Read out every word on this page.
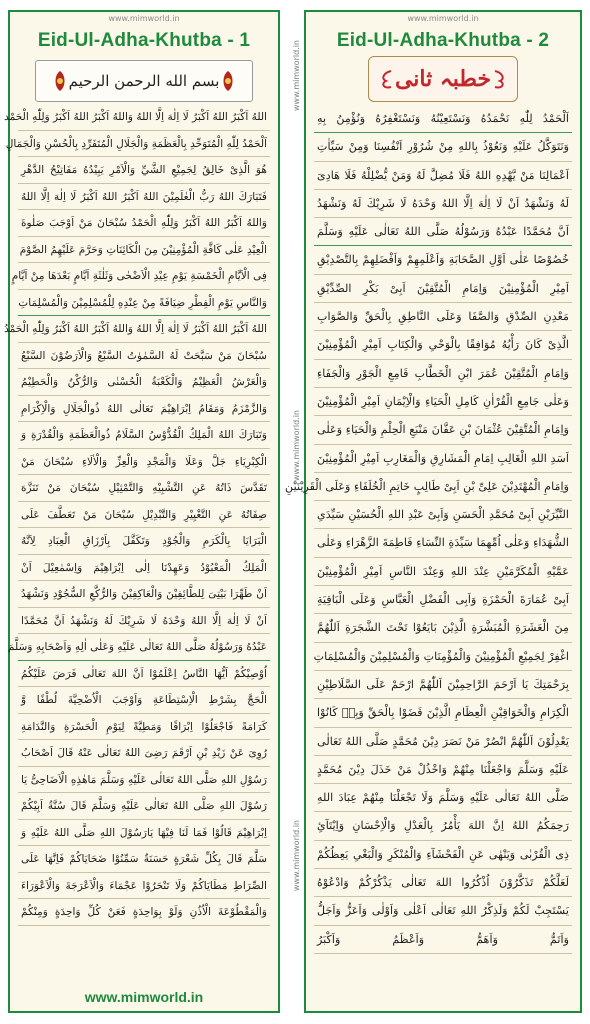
www.mimworld.in
www.mimworld.in
www.mimworld.in
www.mimworld.in
Eid-Ul-Adha-Khutba - 1
بسم الله الرحمن الرحيم
اللهُ اَكْبَرُ اللهُ اَكْبَرُ لَا اِلٰهَ اِلَّا اللهُ وَاللهُ اَكْبَرُ اللهُ اَكْبَرُ وَلِلّٰهِ الْحَمْد
اَلْحَمْدُ لِلّٰهِ الْمُتَوَحِّدِ بِالْعَظَمَةِ وَالْجَلَالِ الْمُتَفَرِّدِ بِالْحُسْنِ وَالْجَمَالِ
هُوَ الَّذِىْ خَالِقُ لِجَمِيْعِ الشَّيِّ وَالْاَمْرِ يَبِيْدُهُ مَفَاتِيْحُ الدَّهْرِ
فَتَبَارَكَ اللهُ رَبُّ الْعٰلَمِيْنَ اللهُ اَكْبَرُ اللهُ اَكْبَرُ لَا اِلٰهَ اِلَّا اللهُ
وَاللهُ اَكْبَرُ اللهُ اَكْبَرُ وَلِلّٰهِ الْحَمْدُ سُبْحَانَ مَنْ اَوْجَبَ صَلٰوةَ
الْعِيْدِ عَلٰى كَافَّةِ الْمُؤْمِنِيْنَ مِنَ الْكَائِنَاتِ وَحَرَّمَ عَلَيْهِمُ الصَّوْمَ
فِى الْاَيَّامِ الْخَمْسَةِ يَوْمِ عِيْدِ الْاَضْحٰى وَثَلٰثَةِ اَيَّامٍ بَعْدَهَا مِنْ اَيَّامٍ
وَالنَّاسِ يَوْمِ الْفِطْرِ ضِيَافَةً مِنْ عِنْدِهِ لِلْمُسْلِمِيْنَ وَالْمُسْلِمَاتِ
اللهُ اَكْبَرُ اللهُ اَكْبَرُ لَا اِلٰهَ اِلَّا اللهُ وَاللهُ اَكْبَرُ اللهُ اَكْبَرُ وَلِلّٰهِ الْحَمْدُ
سُبْحَانَ مَنْ سَبَّحَتْ لَهُ السَّمٰوٰتُ السَّبْعُ وَالْاَرَضُوْنَ السَّبْعُ
وَالْعَرْشُ الْعَظِيْمُ وَالْكَعْبَةُ الْحُسْنٰى وَالرُّكْنُ وَالْحَطِيْمُ
وَالزَّمْزَمُ وَمَقَامُ اِبْرَاهِيْمَ تَعَالٰى اللهُ ذُوالْجَلَالِ وَالْاِكْرَامِ
وَتَبَارَكَ اللهُ الْمَلِكُ الْقُدُّوْسُ السَّلَامُ ذُوالْعَظَمَةِ وَالْقُدْرَةِ وَ
الْكِبْرِيَاءِ جَلَّ وَعَلَا وَالْمَجْدِ وَالْعِزِّ وَالْاٰلَاءِ سُبْحَانَ مَنْ
تَقَدَّسَ ذَاتُهُ عَنِ التَّشْبِيْهِ وَالتَّمْثِيْلِ سُبْحَانَ مَنْ تَنَزَّهَ
صِفَاتُهُ عَنِ التَّغْيِيْرِ وَالتَّبْدِيْلِ سُبْحَانَ مَنْ تَعَطَّفَ عَلَى
الْبَرَايَا بِالْكَرَمِ وَالْجُوْدِ وَتَكَفَّلَ بِاَرْزَاقِ الْعِبَادِ لِاَنَّهُ
الْمَلِكُ الْمَعْبُوْدُ وَعَهِدْنَا اِلٰى اِبْرَاهِيْمَ وَاِسْمٰعِيْلَ اَنْ
اَنْ طَهِّرَا بَيْتِىَ لِلطَّائِفِيْنَ وَالْعَاكِفِيْنَ وَالرُّكَّعِ السُّجُوْدِ وَنَشْهَدُ
اَنْ لَا اِلٰهَ اِلَّا اللهُ وَحْدَهُ لَا شَرِيْكَ لَهُ وَنَشْهَدُ اَنَّ مُحَمَّدًا
عَبْدُهُ وَرَسُوْلُهُ صَلَّى اللهُ تَعَالٰى عَلَيْهِ وَعَلٰى اٰلِهِ وَاَصْحَابِهِ وَسَلَّمَ
اُوْصِيْكُمْ اَيُّهَا النَّاسُ اِعْلَمُوْا اَنَّ اللهَ تَعَالٰى فَرَضَ عَلَيْكُمُ
الْحَجَّ بِشَرْطِ الْاِسْتِطَاعَةِ وَاَوْجَبَ الْاُضْحِيَّةَ لُطْفًا وَّ
كَرَامَةً فَاجْعَلُوْا اِبْرَاقًا وَمَطِيَّةً لِيَوْمِ الْحَسْرَةِ وَالنَّدَامَةِ
رُوِىَ عَنْ زَيْدِ بْنِ اَرْقَمَ رَضِىَ اللهُ تَعَالٰى عَنْهُ قَالَ اَصْحَابُ
رَسُوْلِ اللهِ صَلَّى اللهُ تَعَالٰى عَلَيْهِ وَسَلَّمَ مَاهٰذِهِ الْاَضَاحِىُّ يَا
رَسُوْلَ اللهِ صَلَّى اللهُ تَعَالٰى عَلَيْهِ وَسَلَّمَ قَالَ سُنَّةُ اَبِيْكُمْ
اِبْرَاهِيْمَ قَالُوْا فَمَا لَنَا فِيْهَا يَارَسُوْلَ اللهِ صَلَّى اللهُ عَلَيْهِ وَ
سَلَّمَ قَالَ بِكُلِّ شَعْرَةٍ حَسَنَةٌ سَمِّنُوْا ضَحَايَاكُمْ فَاِنَّهَا عَلَى
الصِّرَاطِ مَطَايَاكُمْ وَلَا تَنْحَرُوْا عَجْمَاءَ وَالْاَعْرَجَةَ وَالْاَعْوَرَاءَ
وَالْمَقْطُوْعَةَ الْاُذُنِ وَلَوْ بِوَاحِدَةٍ فَعَنْ كُلِّ وَاحِدَةٍ وَمِنْكُمْ
www.mimworld.in
www.mimworld.in
Eid-Ul-Adha-Khutba - 2
خطبہ ثانی
اَلْحَمْدُ لِلّٰهِ نَحْمَدُهُ وَنَسْتَعِيْنُهُ وَنَسْتَغْفِرُهُ وَنُؤْمِنُ بِهِ
وَنَتَوَكَّلُ عَلَيْهِ وَنَعُوْذُ بِاللهِ مِنْ شُرُوْرِ اَنْفُسِنَا وَمِنْ سَيِّاٰتِ
اَعْمَالِنَا مَنْ يَّهْدِهِ اللهُ فَلَا مُضِلَّ لَهُ وَمَنْ يُّضْلِلْهُ فَلَا هَادِىَ
لَهُ وَنَشْهَدُ اَنْ لَا اِلٰهَ اِلَّا اللهُ وَحْدَهُ لَا شَرِيْكَ لَهُ وَنَشْهَدُ
اَنَّ مُحَمَّدًا عَبْدُهُ وَرَسُوْلُهُ صَلَّى اللهُ تَعَالٰى عَلَيْهِ وَسَلَّمَ
خُصُوْصًا عَلٰى اَوَّلِ الصَّحَابَةِ وَاَعْلَمِهِمْ وَاَفْضَلِهِمْ بِالتَّصْدِيْقِ
اَمِيْرِ الْمُؤْمِنِيْنَ وَاِمَامِ الْمُتَّقِيْنَ اَبِىْ بَكْرِ الصِّدِّيْقِ
مَعْدِنِ الصِّدْقِ وَالصَّفَا وَعَلَى النَّاطِقِ بِالْحَقِّ وَالصَّوَابِ
الَّذِىْ كَانَ رَأْيُهُ مُوَافِقًا بِالْوَحْىِ وَالْكِتَابِ اَمِيْرِ الْمُؤْمِنِيْنَ
وَاِمَامِ الْمُتَّقِيْنَ عُمَرَ ابْنِ الْخَطَّابِ قَامِعِ الْجَوْرِ وَالْجَفَاءِ
وَعَلٰى جَامِعِ الْقُرْاٰنِ كَامِلِ الْحَيَاءِ وَالْاِيْمَانِ اَمِيْرِ الْمُؤْمِنِيْنَ
وَاِمَامِ الْمُتَّقِيْنَ عُثْمَانَ بْنِ عَفَّانَ مَنْبَعِ الْحِلْمِ وَالْحَيَاءِ وَعَلٰى
اَسَدِ اللهِ الْغَالِبِ اِمَامِ الْمَشَارِقِ وَالْمَغَارِبِ اَمِيْرِ الْمُؤْمِنِيْنَ
وَاِمَامِ الْمُهْتَدِيْنَ عَلِىِّ بْنِ اَبِىْ طَالِبٍ خَاتِمِ الْخُلَفَاءِ وَعَلَى الْقَرِيْنَيْنِ
النَّيِّرَيْنِ اَبِىْ مُحَمَّدِ الْحَسَنِ وَاَبِىْ عَبْدِ اللهِ الْحُسَيْنِ سَيِّدَىِ
الشُّهَدَاءِ وَعَلٰى اُمِّهِمَا سَيِّدَةِ النِّسَاءِ فَاطِمَةَ الزَّهْرَاءِ وَعَلٰى
عَمَّيْهِ الْمُكَرَّمَيْنِ عِنْدَ اللهِ وَعِنْدَ النَّاسِ اَمِيْرِ الْمُؤْمِنِيْنَ
اَبِىْ عُمَارَةَ الْحَمْزَةِ وَاَبِى الْفَضْلِ الْعَبَّاسِ وَعَلَى الْبَاقِيَةِ
مِنَ الْعَشَرَةِ الْمُبَشَّرَةِ الَّذِيْنَ بَايَعُوْا تَحْتَ الشَّجَرَةِ اَللّٰهُمَّ
اغْفِرْ لِجَمِيْعِ الْمُؤْمِنِيْنَ وَالْمُؤْمِنَاتِ وَالْمُسْلِمِيْنَ وَالْمُسْلِمَاتِ
بِرَحْمَتِكَ يَا اَرْحَمَ الرَّاحِمِيْنَ اَللّٰهُمَّ ارْحَمْ عَلَى السَّلَاطِيْنِ
الْكِرَامِ وَالْخَوَاقِيْنِ الْعِظَامِ الَّذِيْنَ قَضَوْا بِالْحَقِّ وَبِهٖ كَانُوْا
يَعْدِلُوْنَ اَللّٰهُمَّ انْصُرْ مَنْ نَصَرَ دِيْنَ مُحَمَّدٍ صَلَّى اللهُ تَعَالٰى
عَلَيْهِ وَسَلَّمَ وَاجْعَلْنَا مِنْهُمْ وَاخْذُلْ مَنْ خَذَلَ دِيْنَ مُحَمَّدٍ
صَلَّى اللهُ تَعَالٰى عَلَيْهِ وَسَلَّمَ وَلَا تَجْعَلْنَا مِنْهُمْ عِبَادَ اللهِ
رَحِمَكُمُ اللهُ اِنَّ اللهَ يَأْمُرُ بِالْعَدْلِ وَالْاِحْسَانِ وَاِيْتَآئِ
ذِى الْقُرْبٰى وَيَنْهٰى عَنِ الْفَحْشَآءِ وَالْمُنْكَرِ وَالْبَغْىِ يَعِظُكُمْ
لَعَلَّكُمْ تَذَكَّرُوْنَ اُذْكُرُوا اللهَ تَعَالٰى يَذْكُرْكُمْ وَادْعُوْهُ
يَسْتَجِبْ لَكُمْ وَلَذِكْرُ اللهِ تَعَالٰى اَعْلٰى وَاَوْلٰى وَاَعَزُّ وَاَجَلُّ
وَاَتَمُّ وَاَهَمُّ وَاَعْظَمُ وَاَكْبَرُ
